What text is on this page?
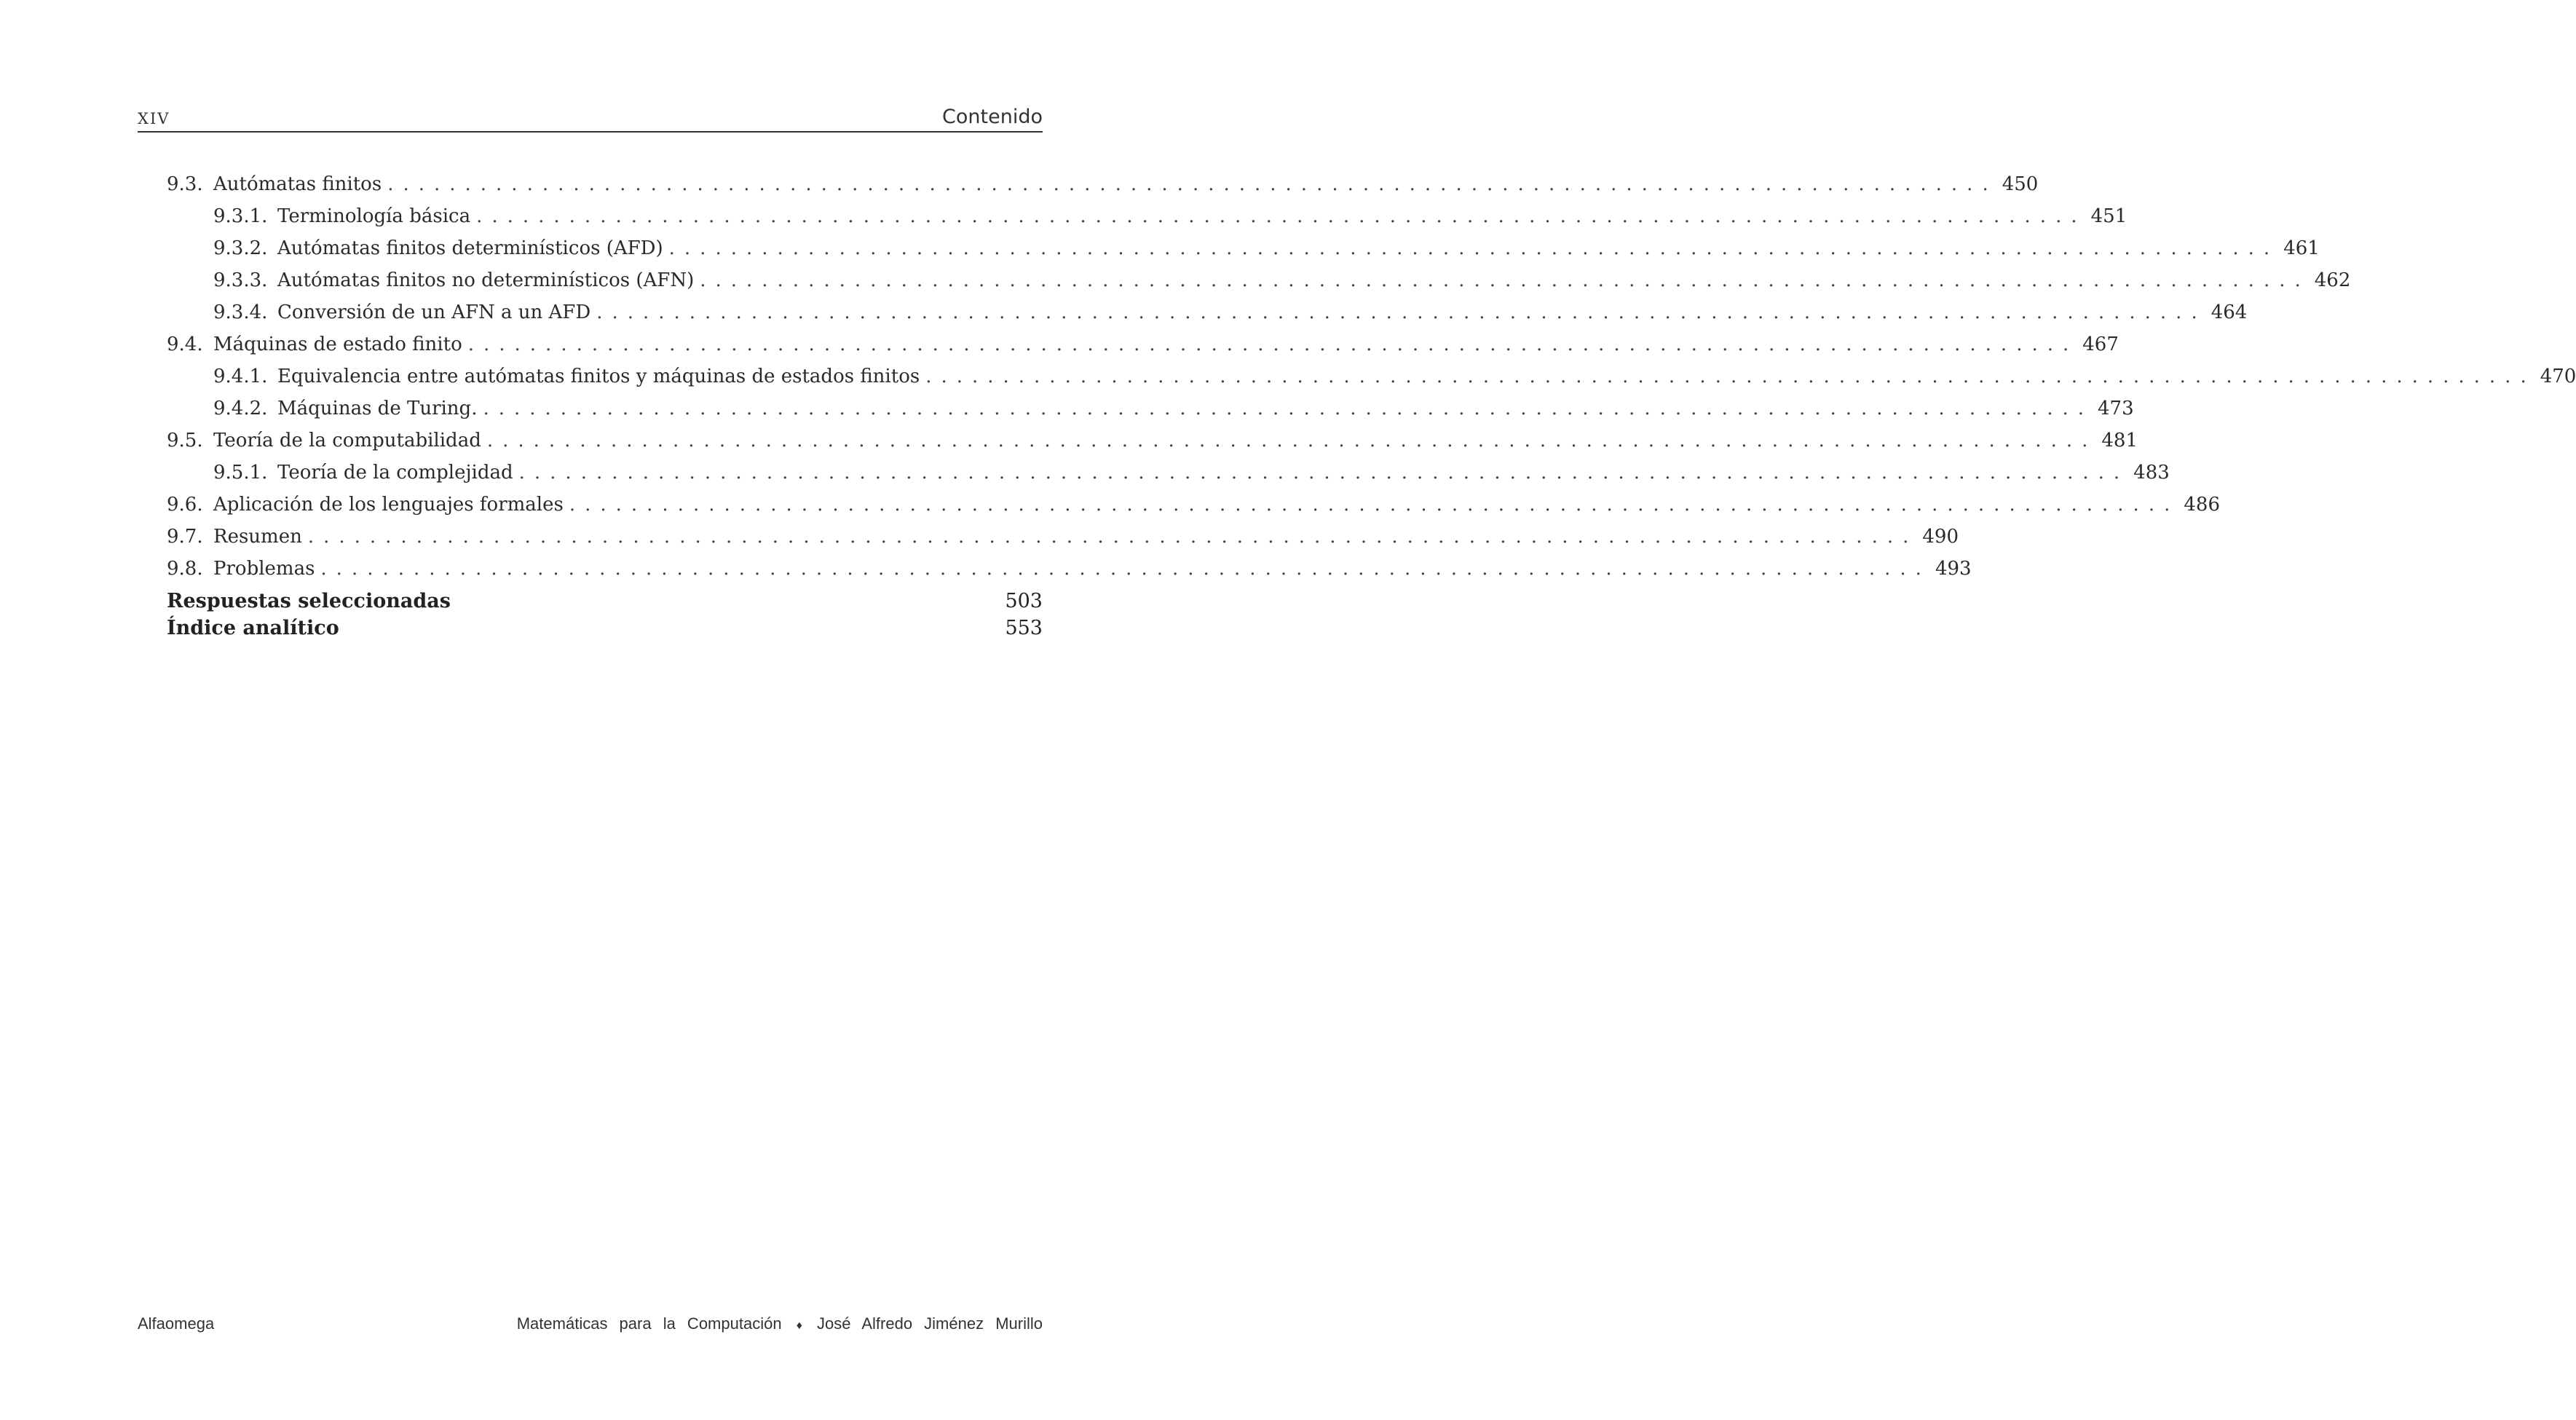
XIV	Contenido
9.3. Autómatas finitos ........................................................................................................ 450
9.3.1. Terminología básica ........................................................................................................ 451
9.3.2. Autómatas finitos determinísticos (AFD) ........................................................................................................ 461
9.3.3. Autómatas finitos no determinísticos (AFN) ........................................................................................................ 462
9.3.4. Conversión de un AFN a un AFD ........................................................................................................ 464
9.4. Máquinas de estado finito ........................................................................................................ 467
9.4.1. Equivalencia entre autómatas finitos y máquinas de estados finitos ........................................................................................................ 470
9.4.2. Máquinas de Turing. ........................................................................................................ 473
9.5. Teoría de la computabilidad ........................................................................................................ 481
9.5.1. Teoría de la complejidad ........................................................................................................ 483
9.6. Aplicación de los lenguajes formales ........................................................................................................ 486
9.7. Resumen ........................................................................................................ 490
9.8. Problemas ........................................................................................................ 493
Respuestas seleccionadas	503
Índice analítico	553
Alfaomega	Matemáticas para la Computación ♦ José Alfredo Jiménez Murillo
